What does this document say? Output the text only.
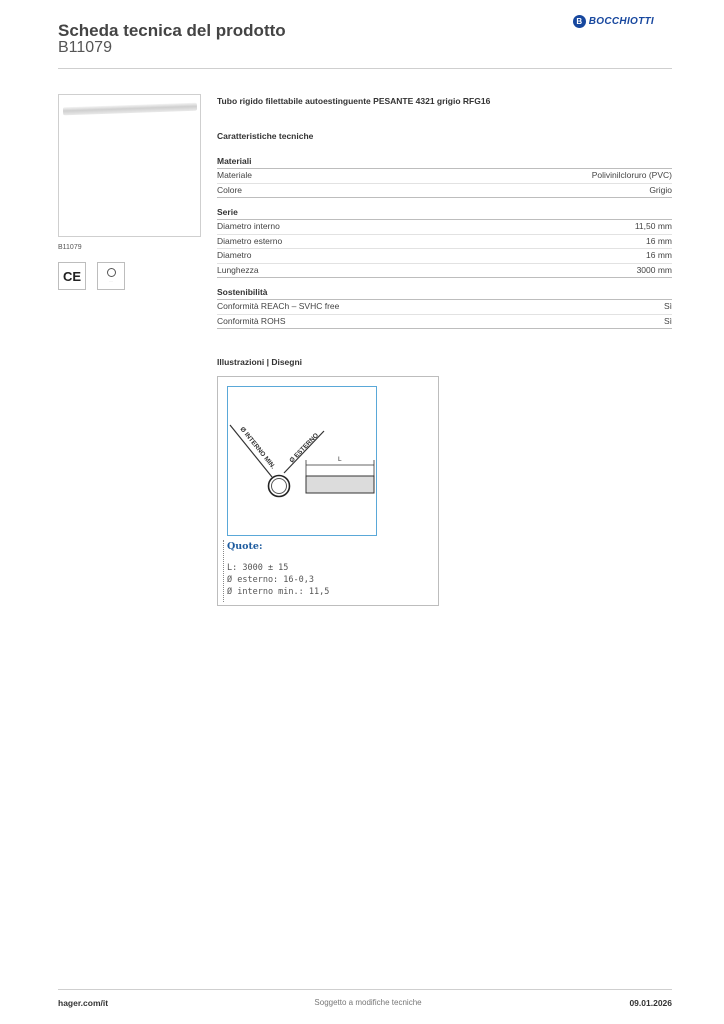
Scheda tecnica del prodotto
B11079
B BOCCHIOTTI
B11079
CE	····
Tubo rigido filettabile autoestinguente PESANTE 4321 grigio RFG16
Caratteristiche tecniche
Materiali
Materiale	Polivinilcloruro (PVC)
Colore	Grigio
Serie
Diametro interno	11,50 mm
Diametro esterno	16 mm
Diametro	16 mm
Lunghezza	3000 mm
Sostenibilità
Conformità REACh – SVHC free	Sì
Conformità ROHS	Sì
Illustrazioni | Disegni
Ø INTERNO MIN. Ø ESTERNO	L
Quote:
L: 3000 ± 15
Ø esterno: 16-0,3
Ø interno min.: 11,5
hager.com/it	Soggetto a modifiche tecniche	09.01.2026
